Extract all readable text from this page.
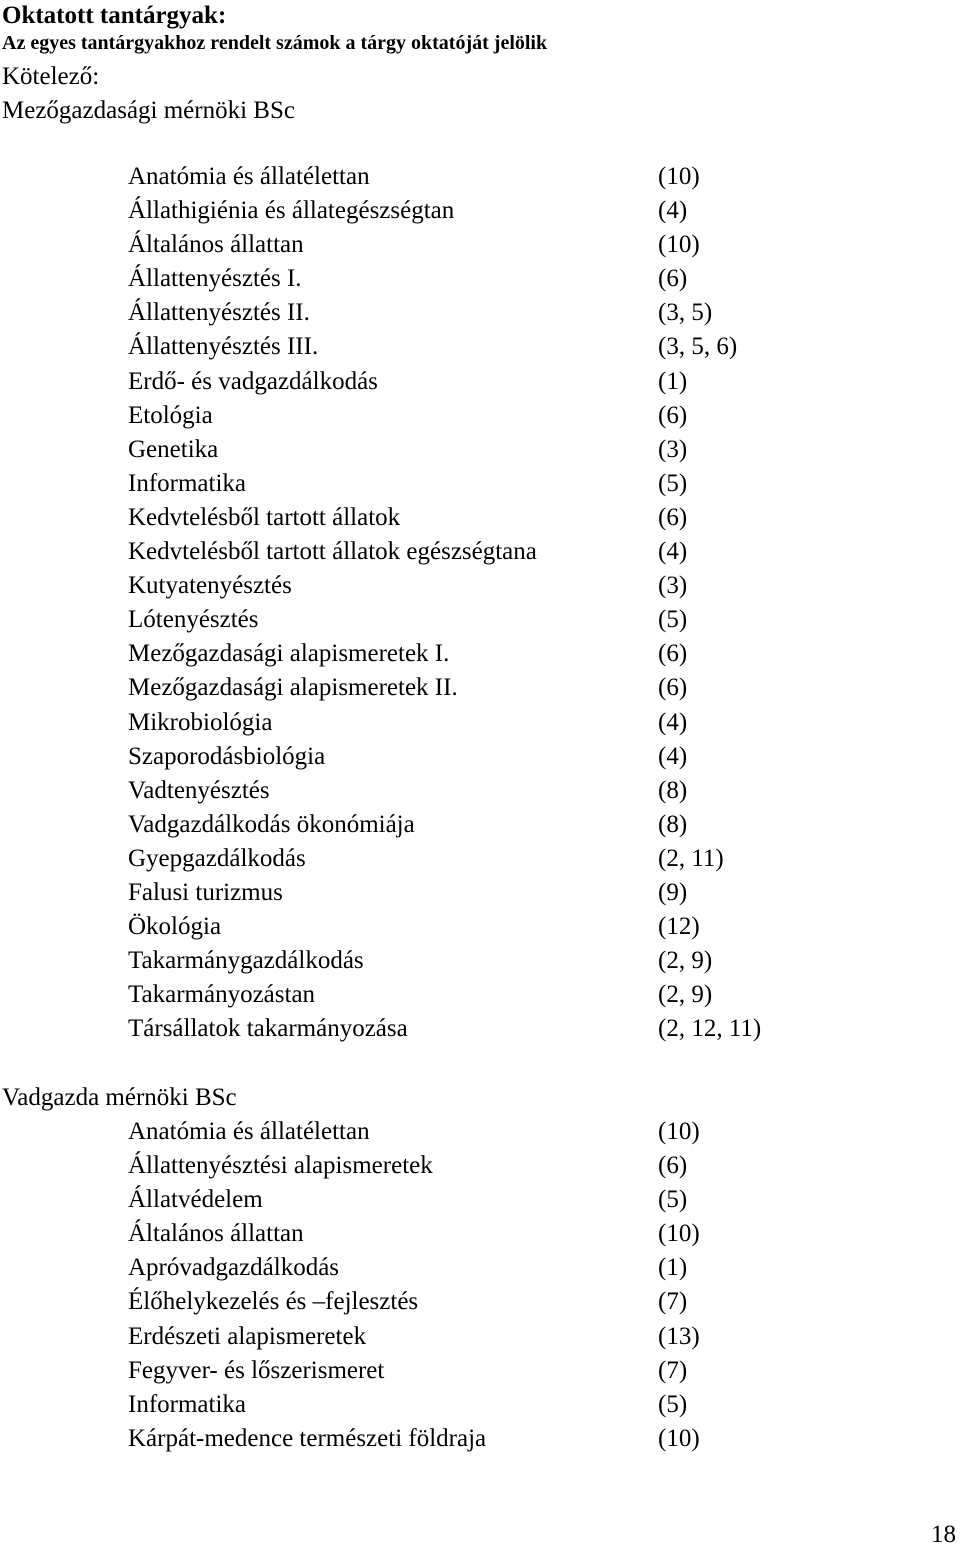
Oktatott tantárgyak:
Az egyes tantárgyakhoz rendelt számok a tárgy oktatóját jelölik
Kötelező:
Mezőgazdasági mérnöki BSc
Anatómia és állatélettan	(10)
Állathigiénia és állategészségtan	(4)
Általános állattan	(10)
Állattenyésztés I.	(6)
Állattenyésztés II.	(3, 5)
Állattenyésztés III.	(3, 5, 6)
Erdő- és vadgazdálkodás	(1)
Etológia	(6)
Genetika	(3)
Informatika	(5)
Kedvtelésből tartott állatok	(6)
Kedvtelésből tartott állatok egészségtana	(4)
Kutyatenyésztés	(3)
Lótenyésztés	(5)
Mezőgazdasági alapismeretek I.	(6)
Mezőgazdasági alapismeretek II.	(6)
Mikrobiológia	(4)
Szaporodásbiológia	(4)
Vadtenyésztés	(8)
Vadgazdálkodás ökonómiája	(8)
Gyepgazdálkodás	(2, 11)
Falusi turizmus	(9)
Ökológia	(12)
Takarmánygazdálkodás	(2, 9)
Takarmányozástan	(2, 9)
Társállatok takarmányozása	(2, 12, 11)
Vadgazda mérnöki BSc
Anatómia és állatélettan	(10)
Állattenyésztési alapismeretek	(6)
Állatvédelem	(5)
Általános állattan	(10)
Apróvadgazdálkodás	(1)
Élőhelykezelés és –fejlesztés	(7)
Erdészeti alapismeretek	(13)
Fegyver- és lőszerismeret	(7)
Informatika	(5)
Kárpát-medence természeti földraja	(10)
18
